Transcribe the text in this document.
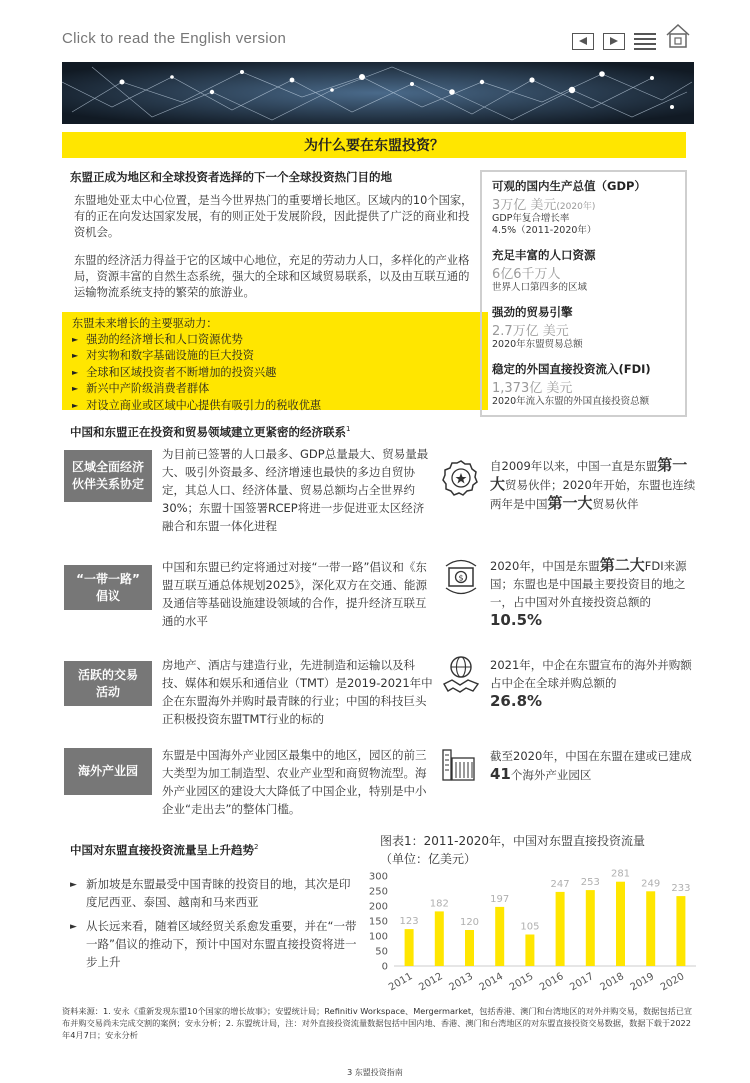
Click to read the English version
为什么要在东盟投资？
东盟正成为地区和全球投资者选择的下一个全球投资热门目的地
东盟地处亚太中心位置，是当今世界热门的重要增长地区。区域内的10个国家，有的正在向发达国家发展，有的则正处于发展阶段，因此提供了广泛的商业和投资机会。
东盟的经济活力得益于它的区域中心地位，充足的劳动力人口，多样化的产业格局，资源丰富的自然生态系统，强大的全球和区域贸易联系，以及由互联互通的运输物流系统支持的繁荣的旅游业。
东盟未来增长的主要驱动力：
► 强劲的经济增长和人口资源优势
► 对实物和数字基础设施的巨大投资
► 全球和区域投资者不断增加的投资兴趣
► 新兴中产阶级消费者群体
► 对设立商业或区域中心提供有吸引力的税收优惠
可观的国内生产总值（GDP）
3万亿 美元(2020年)
GDP年复合增长率
4.5%（2011-2020年）
充足丰富的人口资源
6亿6千万人
世界人口第四多的区域
强劲的贸易引擎
2.7万亿 美元
2020年东盟贸易总额
稳定的外国直接投资流入(FDI)
1,373亿 美元
2020年流入东盟的外国直接投资总额
中国和东盟正在投资和贸易领域建立更紧密的经济联系$^1$
区域全面经济
伙伴关系协定
为目前已签署的人口最多、GDP总量最大、贸易量最大、吸引外资最多、经济增速也最快的多边自贸协定，其总人口、经济体量、贸易总额均占全世界约30%；东盟十国签署RCEP将进一步促进亚太区经济融合和东盟一体化进程
自2009年以来，中国一直是东盟第一大贸易伙伴；2020年开始，东盟也连续两年是中国第一大贸易伙伴
“一带一路”
倡议
中国和东盟已约定将通过对接“一带一路”倡议和《东盟互联互通总体规划2025》，深化双方在交通、能源及通信等基础设施建设领域的合作，提升经济互联互通的水平
$
2020年，中国是东盟第二大FDI来源国；东盟也是中国最主要投资目的地之一，占中国对外直接投资总额的10.5%
活跃的交易
活动
房地产、酒店与建造行业，先进制造和运输以及科技、媒体和娱乐和通信业（TMT）是2019-2021年中企在东盟海外并购时最青睐的行业；中国的科技巨头正积极投资东盟TMT行业的标的
2021年，中企在东盟宣布的海外并购额占中企在全球并购总额的
26.8%
海外产业园
东盟是中国海外产业园区最集中的地区，园区的前三大类型为加工制造型、农业产业型和商贸物流型。海外产业园区的建设大大降低了中国企业，特别是中小企业“走出去”的整体门槛。
截至2020年，中国在东盟在建或已建成41个海外产业园区
中国对东盟直接投资流量呈上升趋势$^2$
► 新加坡是东盟最受中国青睐的投资目的地，其次是印度尼西亚、泰国、越南和马来西亚
► 从长远来看，随着区域经贸关系愈发重要，并在“一带一路”倡议的推动下，预计中国对东盟直接投资将进一步上升
图表1：2011-2020年，中国对东盟直接投资流量
（单位：亿美元）
0
50
100
150
200
250
300
123
2011
182
2012
120
2013
197
2014
105
2015
247
2016
253
2017
281
2018
249
2019
233
2020
资料来源：1. 安永《重新发现东盟10个国家的增长故事》；安盟统计局；Refinitiv Workspace、Mergermarket，包括香港、澳门和台湾地区的对外并购交易，数据包括已宣布并购交易尚未完成交割的案例；安永分析；2. 东盟统计局，注：对外直接投资流量数据包括中国内地、香港、澳门和台湾地区的对东盟直接投资交易数据，数据下载于2022年4月7日；安永分析
3 东盟投资指南
